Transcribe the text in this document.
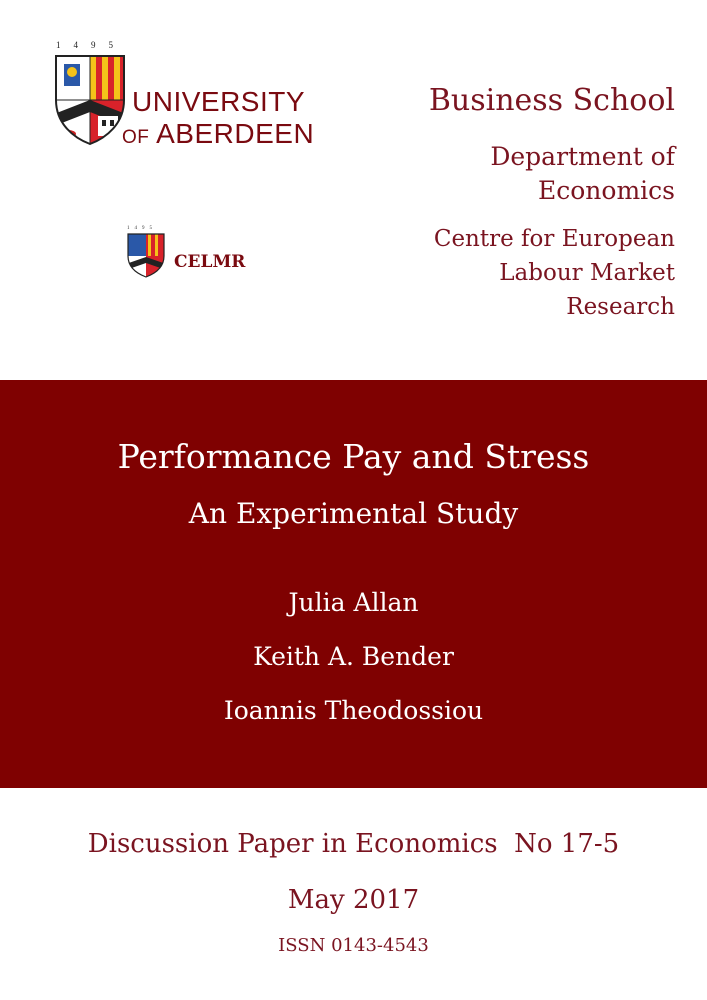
1495
UNIVERSITY
OF ABERDEEN
1495
CELMR
Business School
Department of
Economics
Centre for European
Labour Market
Research
Performance Pay and Stress
An Experimental Study
Julia Allan
Keith A. Bender
Ioannis Theodossiou
Discussion Paper in Economics  No 17-5
May 2017
ISSN 0143-4543
